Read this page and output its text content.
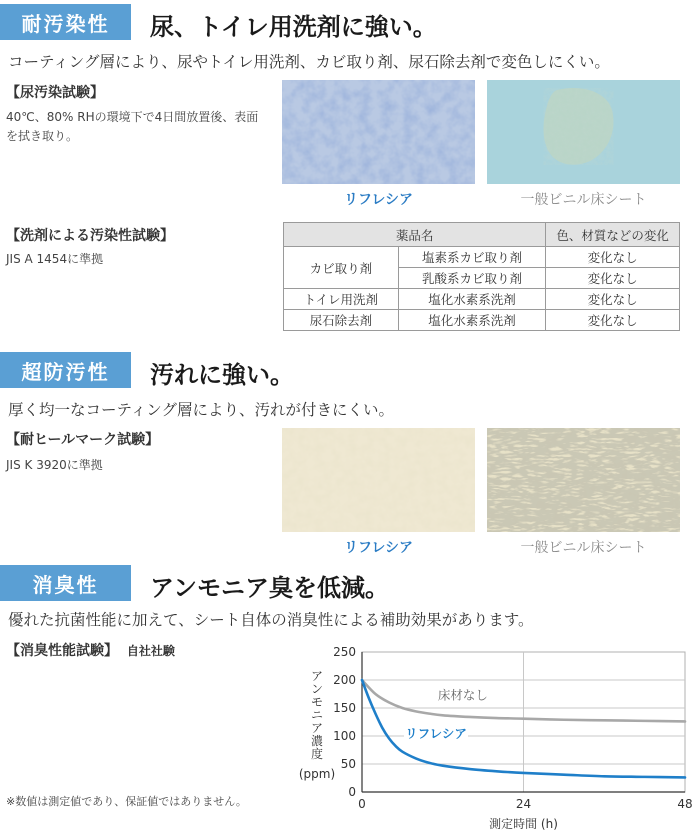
耐汚染性	尿、トイレ用洗剤に強い。
コーティング層により、尿やトイレ用洗剤、カビ取り剤、尿石除去剤で変色しにくい。
【尿汚染試験】
40℃、80% RHの環境下で4日間放置後、表面
を拭き取り。
リフレシア	一般ビニル床シート
【洗剤による汚染性試験】
JIS A 1454に準拠
薬品名		色、材質などの変化
カビ取り剤	塩素系カビ取り剤	変化なし
	乳酸系カビ取り剤	変化なし
トイレ用洗剤	塩化水素系洗剤	変化なし
尿石除去剤	塩化水素系洗剤	変化なし
超防汚性	汚れに強い。
厚く均一なコーティング層により、汚れが付きにくい。
【耐ヒールマーク試験】
JIS K 3920に準拠
リフレシア	一般ビニル床シート
消臭性	アンモニア臭を低減。
優れた抗菌性能に加えて、シート自体の消臭性による補助効果があります。
【消臭性能試験】 自社社験
※数値は測定値であり、保証値ではありません。
0
50
100
150
200
250
0	24	48
測定時間 (h)
ア
ン
モ
ニ
ア
濃
度
(ppm)
床材なし
リフレシア
